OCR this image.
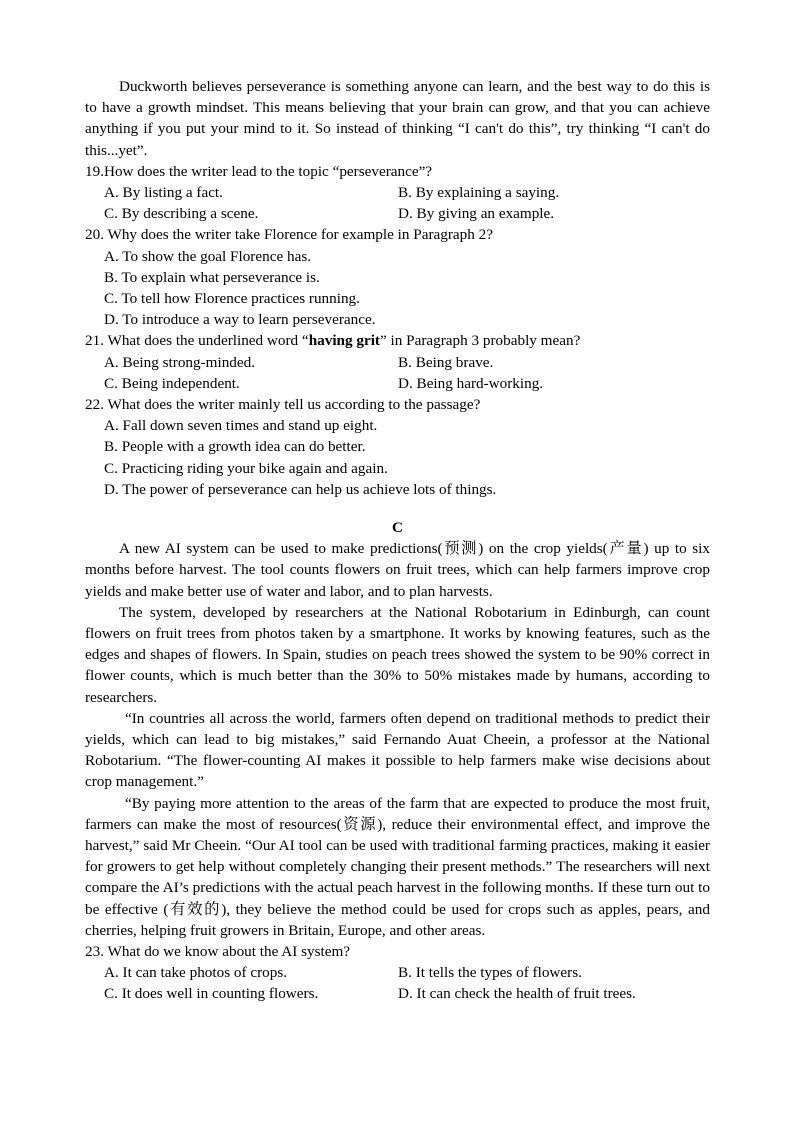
Duckworth believes perseverance is something anyone can learn, and the best way to do this is to have a growth mindset. This means believing that your brain can grow, and that you can achieve anything if you put your mind to it. So instead of thinking “I can't do this”, try thinking “I can't do this...yet”.

19.How does the writer lead to the topic “perseverance”?

A. By listing a fact.	B. By explaining a saying.
C. By describing a scene.	D. By giving an example.

20. Why does the writer take Florence for example in Paragraph 2?

A. To show the goal Florence has.

B. To explain what perseverance is.

C. To tell how Florence practices running.

D. To introduce a way to learn perseverance.

21. What does the underlined word “having grit” in Paragraph 3 probably mean?

A. Being strong-minded.	B. Being brave.
C. Being independent.	D. Being hard-working.

22. What does the writer mainly tell us according to the passage?

A. Fall down seven times and stand up eight.

B. People with a growth idea can do better.

C. Practicing riding your bike again and again.

D. The power of perseverance can help us achieve lots of things.

C

A new AI system can be used to make predictions(预测) on the crop yields(产量) up to six months before harvest. The tool counts flowers on fruit trees, which can help farmers improve crop yields and make better use of water and labor, and to plan harvests.

The system, developed by researchers at the National Robotarium in Edinburgh, can count flowers on fruit trees from photos taken by a smartphone. It works by knowing features, such as the edges and shapes of flowers. In Spain, studies on peach trees showed the system to be 90% correct in flower counts, which is much better than the 30% to 50% mistakes made by humans, according to researchers.

“In countries all across the world, farmers often depend on traditional methods to predict their yields, which can lead to big mistakes,” said Fernando Auat Cheein, a professor at the National Robotarium. “The flower-counting AI makes it possible to help farmers make wise decisions about crop management.”

“By paying more attention to the areas of the farm that are expected to produce the most fruit, farmers can make the most of resources(资源), reduce their environmental effect, and improve the harvest,” said Mr Cheein. “Our AI tool can be used with traditional farming practices, making it easier for growers to get help without completely changing their present methods.” The researchers will next compare the AI’s predictions with the actual peach harvest in the following months. If these turn out to be effective (有效的), they believe the method could be used for crops such as apples, pears, and cherries, helping fruit growers in Britain, Europe, and other areas.

23. What do we know about the AI system?

A. It can take photos of crops.	B. It tells the types of flowers.
C. It does well in counting flowers.	D. It can check the health of fruit trees.
